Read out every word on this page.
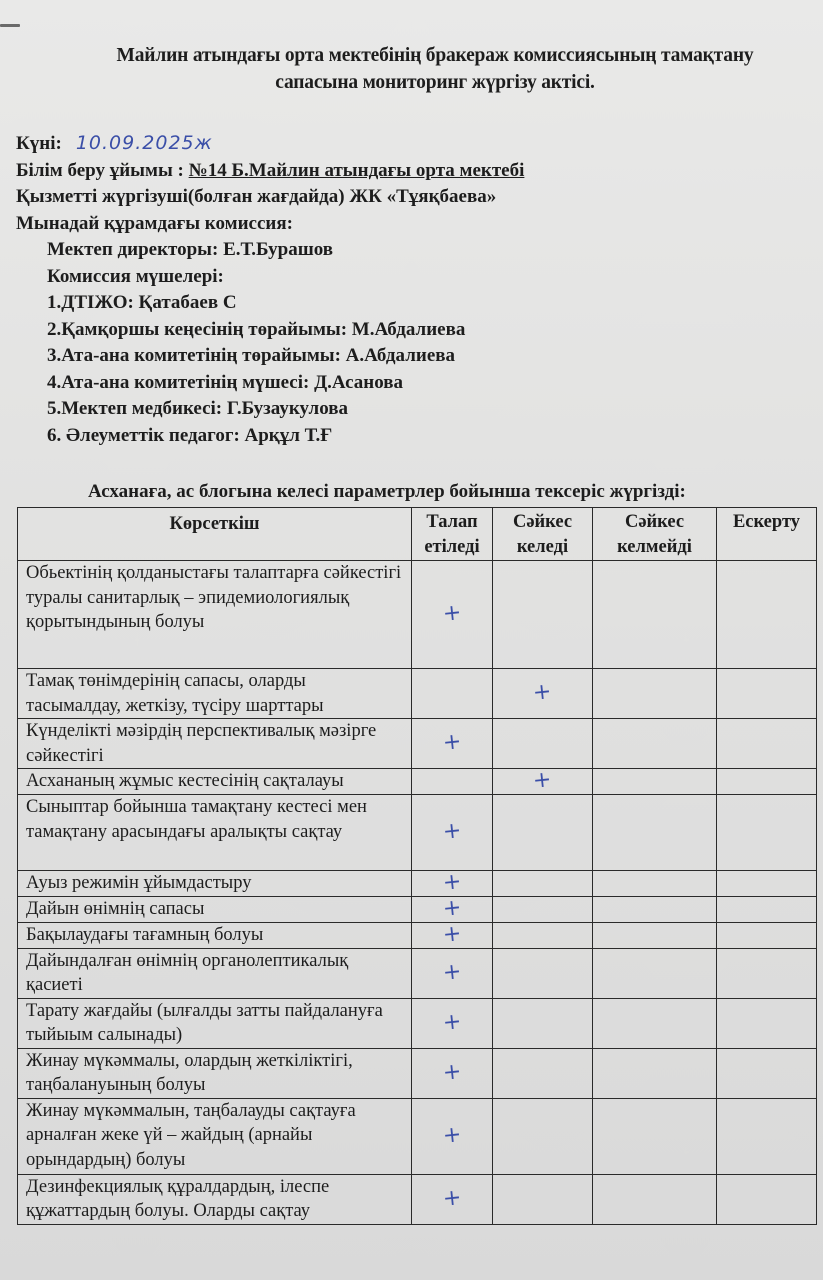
Майлин атындағы орта мектебінің бракераж комиссиясының тамақтану
сапасына мониторинг жүргізу актісі.
Күні: 10.09.2025ж
Білім беру ұйымы : №14 Б.Майлин атындағы орта мектебі
Қызметті жүргізуші(болған жағдайда) ЖК «Тұяқбаева»
Мынадай құрамдағы комиссия:
Мектеп директоры: Е.Т.Бурашов
Комиссия мүшелері:
1.ДТІЖО: Қатабаев С
2.Қамқоршы кеңесінің төрайымы: М.Абдалиева
3.Ата-ана комитетінің төрайымы: А.Абдалиева
4.Ата-ана комитетінің мүшесі: Д.Асанова
5.Мектеп медбикесі: Г.Бузаукулова
6. Әлеуметтік педагог: Арқұл Т.Ғ
Асханаға, ас блогына келесі параметрлер бойынша тексеріс жүргізді:
Көрсеткіш	Талап етіледі	Сәйкес келеді	Сәйкес келмейді	Ескерту
Обьектінің қолданыстағы талаптарға сәйкестігі туралы санитарлық – эпидемиологиялық қорытындының болуы	+			
Тамақ төнімдерінің сапасы, оларды тасымалдау, жеткізу, түсіру шарттары		+		
Күнделікті мәзірдің перспективалық мәзірге сәйкестігі	+			
Асхананың жұмыс кестесінің сақталауы		+		
Сыныптар бойынша тамақтану кестесі мен тамақтану арасындағы аралықты сақтау	+			
Ауыз режимін ұйымдастыру	+			
Дайын өнімнің сапасы	+			
Бақылаудағы тағамның болуы	+			
Дайындалған өнімнің органолептикалық қасиеті	+			
Тарату жағдайы (ылғалды затты пайдалануға тыйыым салынады)	+			
Жинау мүкәммалы, олардың жеткіліктігі, таңбалануының болуы	+			
Жинау мүкәммалын, таңбалауды сақтауға арналған жеке үй – жайдың (арнайы орындардың) болуы	+			
Дезинфекциялық құралдардың, ілеспе құжаттардың болуы. Оларды сақтау	+			
